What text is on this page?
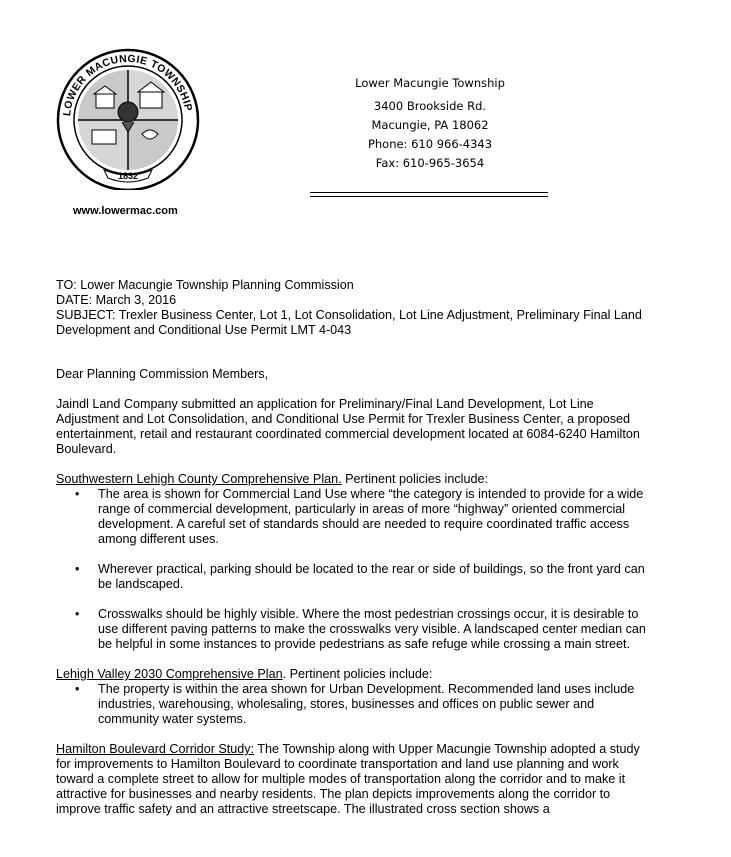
LOWER MACUNGIE TOWNSHIP
1832
www.lowermac.com
Lower Macungie Township
3400 Brookside Rd.
Macungie, PA 18062
Phone: 610 966-4343
Fax: 610-965-3654
TO: Lower Macungie Township Planning Commission
DATE: March 3, 2016
SUBJECT: Trexler Business Center, Lot 1, Lot Consolidation, Lot Line Adjustment, Preliminary Final Land Development and Conditional Use Permit LMT 4-043

Dear Planning Commission Members,

Jaindl Land Company submitted an application for Preliminary/Final Land Development, Lot Line Adjustment and Lot Consolidation, and Conditional Use Permit for Trexler Business Center, a proposed entertainment, retail and restaurant coordinated commercial development located at 6084-6240 Hamilton Boulevard.

Southwestern Lehigh County Comprehensive Plan. Pertinent policies include:
• The area is shown for Commercial Land Use where “the category is intended to provide for a wide range of commercial development, particularly in areas of more “highway” oriented commercial development. A careful set of standards should are needed to require coordinated traffic access among different uses.
• Wherever practical, parking should be located to the rear or side of buildings, so the front yard can be landscaped.
• Crosswalks should be highly visible. Where the most pedestrian crossings occur, it is desirable to use different paving patterns to make the crosswalks very visible. A landscaped center median can be helpful in some instances to provide pedestrians as safe refuge while crossing a main street.
Lehigh Valley 2030 Comprehensive Plan. Pertinent policies include:
• The property is within the area shown for Urban Development. Recommended land uses include industries, warehousing, wholesaling, stores, businesses and offices on public sewer and community water systems.

Hamilton Boulevard Corridor Study: The Township along with Upper Macungie Township adopted a study for improvements to Hamilton Boulevard to coordinate transportation and land use planning and work toward a complete street to allow for multiple modes of transportation along the corridor and to make it attractive for businesses and nearby residents. The plan depicts improvements along the corridor to improve traffic safety and an attractive streetscape. The illustrated cross section shows a
